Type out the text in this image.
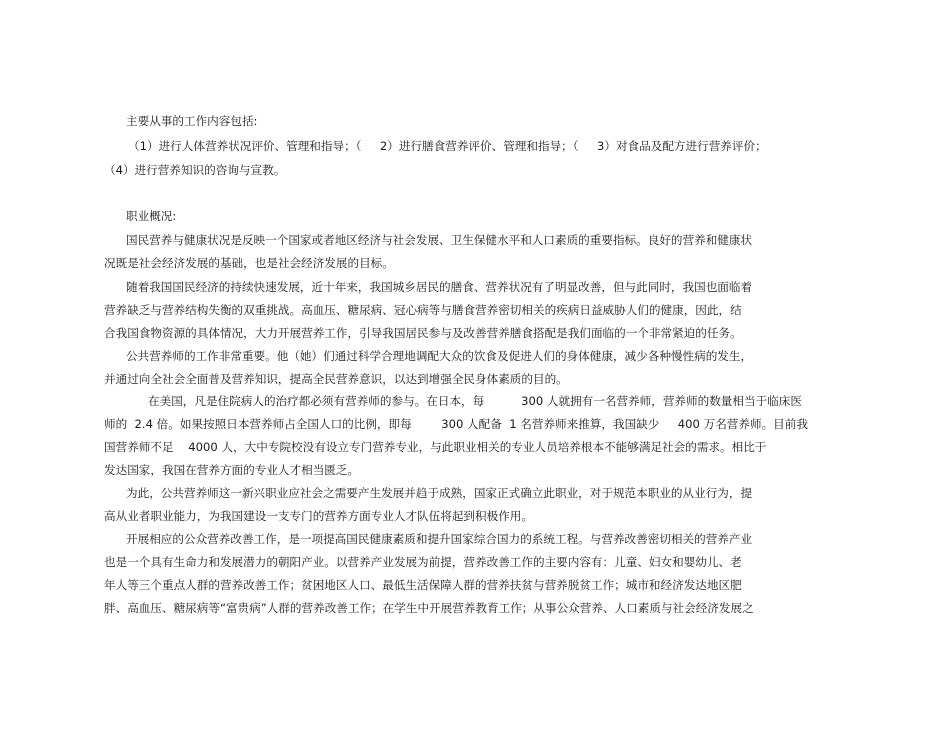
主要从事的工作内容包括:
（1）进行人体营养状况评价、管理和指导；（     2）进行膳食营养评价、管理和指导；（     3）对食品及配方进行营养评价；
（4）进行营养知识的咨询与宣教。
职业概况:
国民营养与健康状况是反映一个国家或者地区经济与社会发展、卫生保健水平和人口素质的重要指标。良好的营养和健康状
况既是社会经济发展的基础，也是社会经济发展的目标。
随着我国国民经济的持续快速发展，近十年来，我国城乡居民的膳食、营养状况有了明显改善，但与此同时，我国也面临着
营养缺乏与营养结构失衡的双重挑战。高血压、糖尿病、冠心病等与膳食营养密切相关的疾病日益威胁人们的健康，因此，结
合我国食物资源的具体情况，大力开展营养工作，引导我国居民参与及改善营养膳食搭配是我们面临的一个非常紧迫的任务。
公共营养师的工作非常重要。他（她）们通过科学合理地调配大众的饮食及促进人们的身体健康，减少各种慢性病的发生，
并通过向全社会全面普及营养知识，提高全民营养意识，以达到增强全民身体素质的目的。
在美国，凡是住院病人的治疗都必须有营养师的参与。在日本，每          300 人就拥有一名营养师，营养师的数量相当于临床医
师的  2.4 倍。如果按照日本营养师占全国人口的比例，即每        300 人配备  1 名营养师来推算，我国缺少     400 万名营养师。目前我
国营养师不足    4000 人，大中专院校没有设立专门营养专业，与此职业相关的专业人员培养根本不能够满足社会的需求。相比于
发达国家，我国在营养方面的专业人才相当匮乏。
为此，公共营养师这一新兴职业应社会之需要产生发展并趋于成熟，国家正式确立此职业，对于规范本职业的从业行为，提
高从业者职业能力，为我国建设一支专门的营养方面专业人才队伍将起到积极作用。
开展相应的公众营养改善工作，是一项提高国民健康素质和提升国家综合国力的系统工程。与营养改善密切相关的营养产业
也是一个具有生命力和发展潜力的朝阳产业。以营养产业发展为前提，营养改善工作的主要内容有：儿童、妇女和婴幼儿、老
年人等三个重点人群的营养改善工作；贫困地区人口、最低生活保障人群的营养扶贫与营养脱贫工作；城市和经济发达地区肥
胖、高血压、糖尿病等“富贵病”人群的营养改善工作；在学生中开展营养教育工作；从事公众营养、人口素质与社会经济发展之
